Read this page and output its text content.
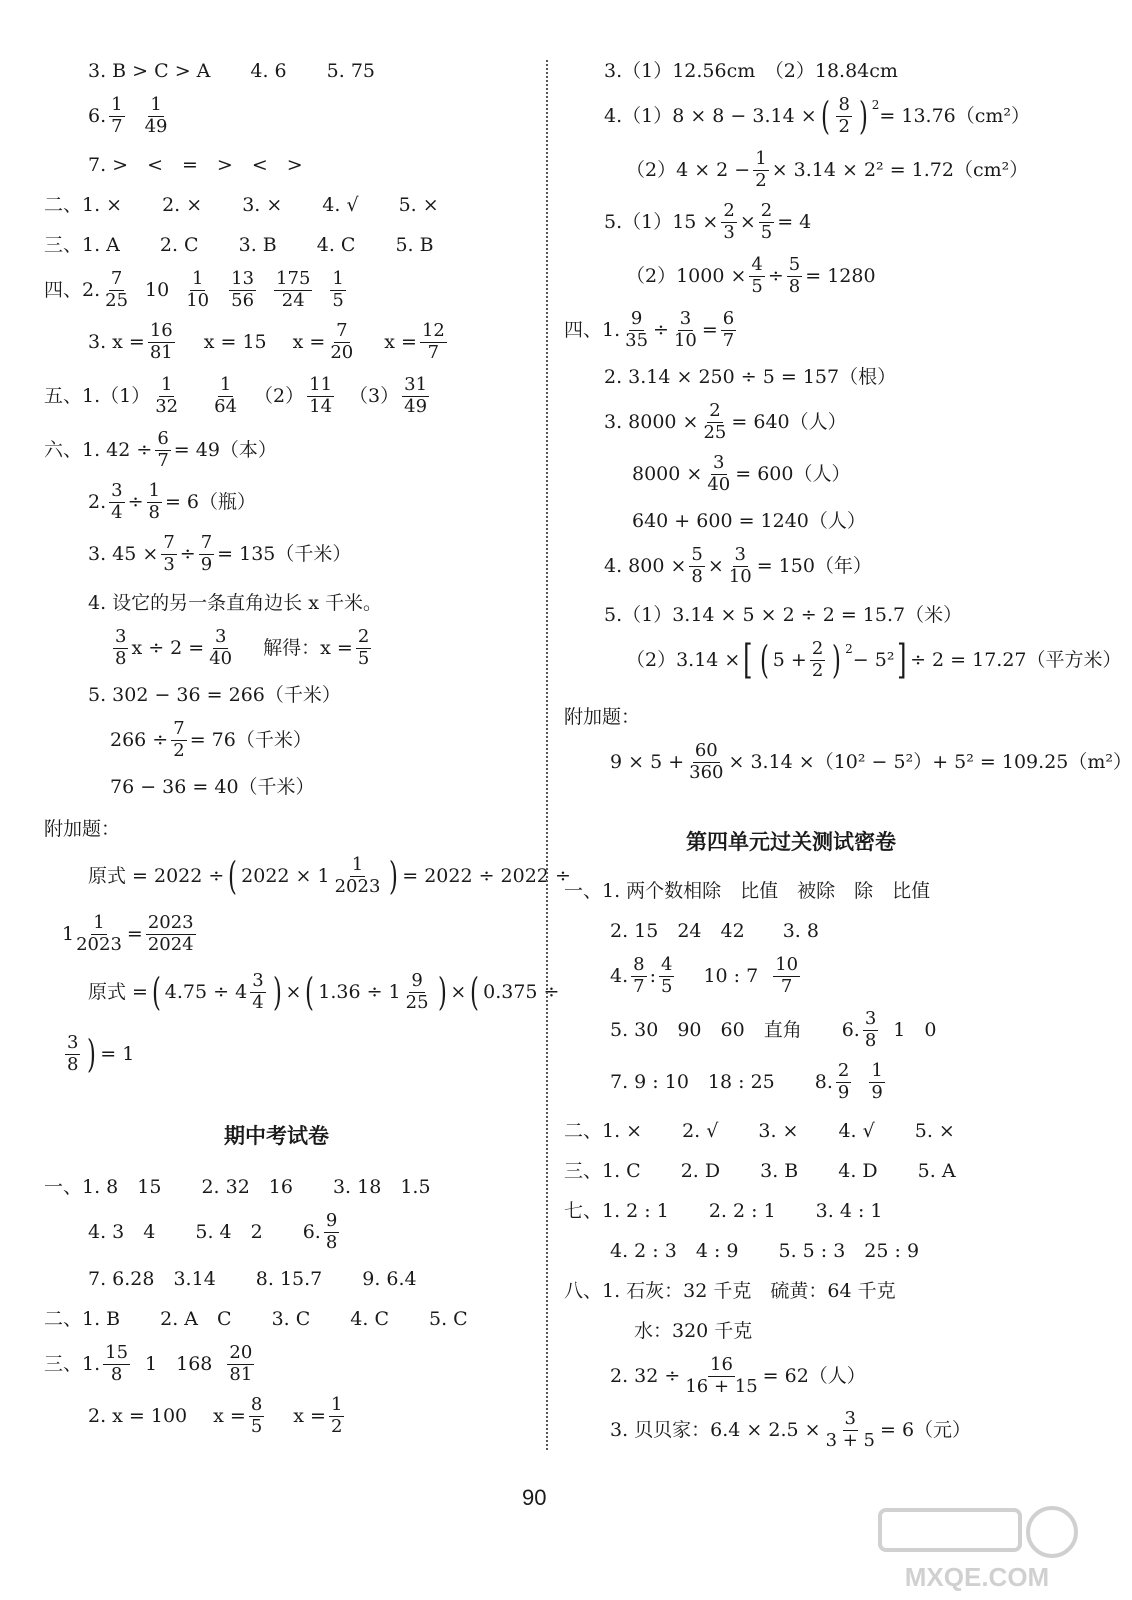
3. B > C > A 4. 6 5. 75
6. $\frac{1}{7} \frac{1}{49}$
7. >　<　=　>　<　>
二、1. × 2. × 3. × 4. √ 5. ×
三、1. A 2. C 3. B 4. C 5. B
四、2. $\frac{7}{25} 10 \frac{1}{10} \frac{13}{56} \frac{175}{24} \frac{1}{5}$
3. $x = \frac{16}{81}$ x = 15 $x = \frac{7}{20}$ $x = \frac{12}{7}$
五、$1.(1) \frac{1}{32} \frac{1}{64} (2) \frac{11}{14} (3) \frac{31}{49}$
六、1. $42 \div \frac{6}{7} = 49$（本）
2. $\frac{3}{4} \div \frac{1}{8} = 6$（瓶）
3. $45 \times \frac{7}{3} \div \frac{7}{9} = 135$（千米）
4. 设它的另一条直角边长 x 千米。
$\frac{3}{8}$ $x \div 2 = \frac{3}{40}$ 解得：$x = \frac{2}{5}$
5. 302 − 36 = 266（千米）
$266 \div \frac{7}{2} = 76$（千米）
76 − 36 = 40（千米）
附加题：
原式 = 2022 ÷ ( $2022 \times 1 \frac{1}{2023}$ ) = 2022 ÷ 2022 ÷
$1 \frac{1}{2023} = \frac{2023}{2024}$
原式 = ( $4.75 \div 4 \frac{3}{4}$ ) × ( $1.36 \div 1 \frac{9}{25}$ ) × ( 0.375 ÷
$\frac{3}{8}$ ) = 1
期中考试卷
一、1. 8　15 2. 32　16 3. 18　1.5
4. 3　4 5. 4　2 6. $\frac{9}{8}$
7. 6.28　3.14 8. 15.7 9. 6.4
二、1. B 2. A　C 3. C 4. C 5. C
三、1. $\frac{15}{8} 1$　$168 \frac{20}{81}$
2. x = 100 $x = \frac{8}{5}$ $x = \frac{1}{2}$
3.（1）12.56cm　（2）18.84cm
4.（1）8 × 8 − 3.14 × ( $\frac{8}{2}$ ) 2 = 13.76（cm²）
$(2)4 \times 2 - \frac{1}{2} \times 3.14 \times 2^2 = 1.72(cm^2)$
$5.(1)15 \times \frac{2}{3} \times \frac{2}{5} = 4$
$(2)1000 \times \frac{4}{5} \div \frac{5}{8} = 1280$
四、1. $\frac{9}{35} \div \frac{3}{10} = \frac{6}{7}$
2. 3.14 × 250 ÷ 5 = 157（根）
3. $8000 \times \frac{2}{25} = 640$（人）
$8000 \times \frac{3}{40} = 600$（人）
640 + 600 = 1240（人）
4. $800 \times \frac{5}{8} \times \frac{3}{10} = 150$（年）
5.（1）3.14 × 5 × 2 ÷ 2 = 15.7（米）
（2）3.14 × [ ( $5 + \frac{2}{2}$ ) 2 − 5² ] ÷ 2 = 17.27（平方米）
附加题：
$9 \times 5 + \frac{60}{360} \times 3.14 \times(10^2 - 5^2)+ 5^2 = 109.25(m^2)$
第四单元过关测试密卷
一、1. 两个数相除　比值　被除　除　比值
2. 15　24　42　　3. 8
4. $\frac{8}{7}$ : $\frac{4}{5} 10$ : $7 \frac{10}{7}$
5. 30　90　60　直角 6. $\frac{3}{8} 1$　0
7. 9 : 10　18 : 25 8. $\frac{2}{9} \frac{1}{9}$
二、1. × 2. √ 3. × 4. √ 5. ×
三、1. C 2. D 3. B 4. D 5. A
七、1. 2 : 1 2. 2 : 1 3. 4 : 1
4. 2 : 3　4 : 9 5. 5 : 3　25 : 9
八、1. 石灰：32 千克　硫黄：64 千克
水：320 千克
2. $32 \div \frac{16}{16 + 15} = 62$（人）
3. 贝贝家：$6.4 \times 2.5 \times \frac{3}{3 + 5} = 6$（元）
90
MXQE.COM
